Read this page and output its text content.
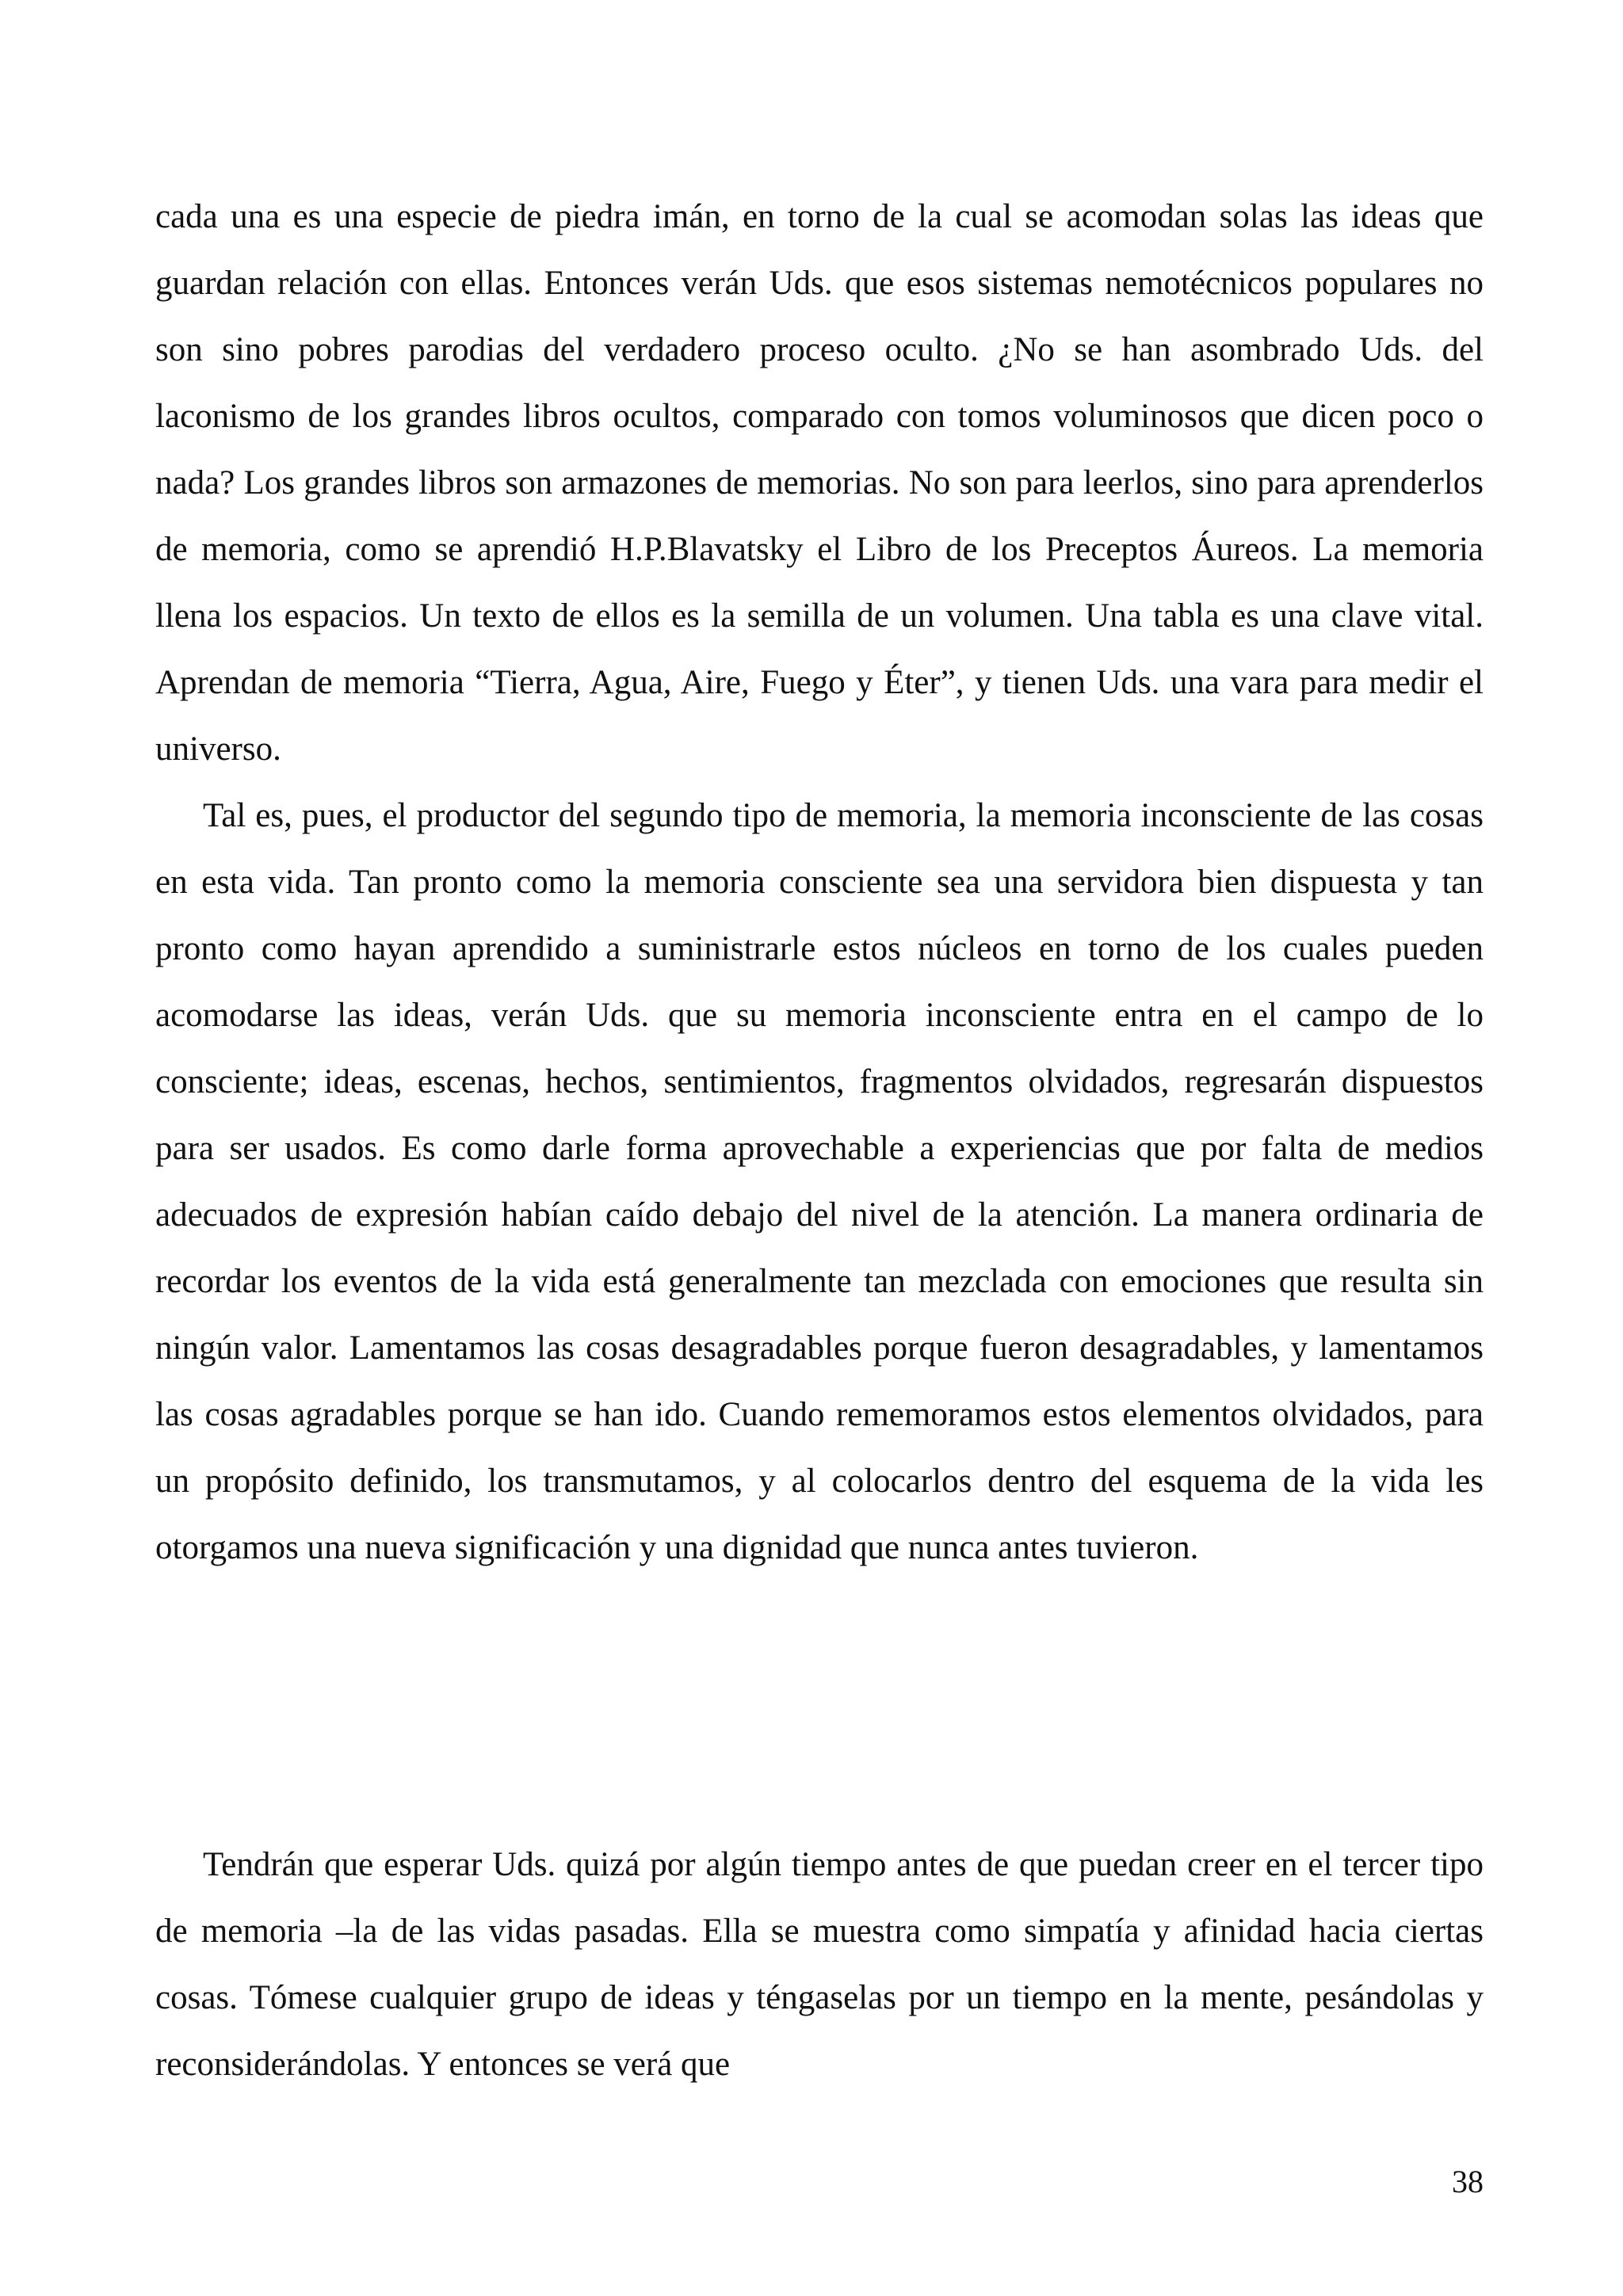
cada una es una especie de piedra imán, en torno de la cual se acomodan solas las ideas que guardan relación con ellas. Entonces verán Uds. que esos sistemas nemotécnicos populares no son sino pobres parodias del verdadero proceso oculto. ¿No se han asombrado Uds. del laconismo de los grandes libros ocultos, comparado con tomos voluminosos que dicen poco o nada? Los grandes libros son armazones de memorias. No son para leerlos, sino para aprenderlos de memoria, como se aprendió H.P.Blavatsky el Libro de los Preceptos Áureos. La memoria llena los espacios. Un texto de ellos es la semilla de un volumen. Una tabla es una clave vital. Aprendan de memoria “Tierra, Agua, Aire, Fuego y Éter”, y tienen Uds. una vara para medir el universo.

Tal es, pues, el productor del segundo tipo de memoria, la memoria inconsciente de las cosas en esta vida. Tan pronto como la memoria consciente sea una servidora bien dispuesta y tan pronto como hayan aprendido a suministrarle estos núcleos en torno de los cuales pueden acomodarse las ideas, verán Uds. que su memoria inconsciente entra en el campo de lo consciente; ideas, escenas, hechos, sentimientos, fragmentos olvidados, regresarán dispuestos para ser usados. Es como darle forma aprovechable a experiencias que por falta de medios adecuados de expresión habían caído debajo del nivel de la atención. La manera ordinaria de recordar los eventos de la vida está generalmente tan mezclada con emociones que resulta sin ningún valor. Lamentamos las cosas desagradables porque fueron desagradables, y lamentamos las cosas agradables porque se han ido. Cuando rememoramos estos elementos olvidados, para un propósito definido, los transmutamos, y al colocarlos dentro del esquema de la vida les otorgamos una nueva significación y una dignidad que nunca antes tuvieron.

Tendrán que esperar Uds. quizá por algún tiempo antes de que puedan creer en el tercer tipo de memoria –la de las vidas pasadas. Ella se muestra como simpatía y afinidad hacia ciertas cosas. Tómese cualquier grupo de ideas y téngaselas por un tiempo en la mente, pesándolas y reconsiderándolas. Y entonces se verá que

38
